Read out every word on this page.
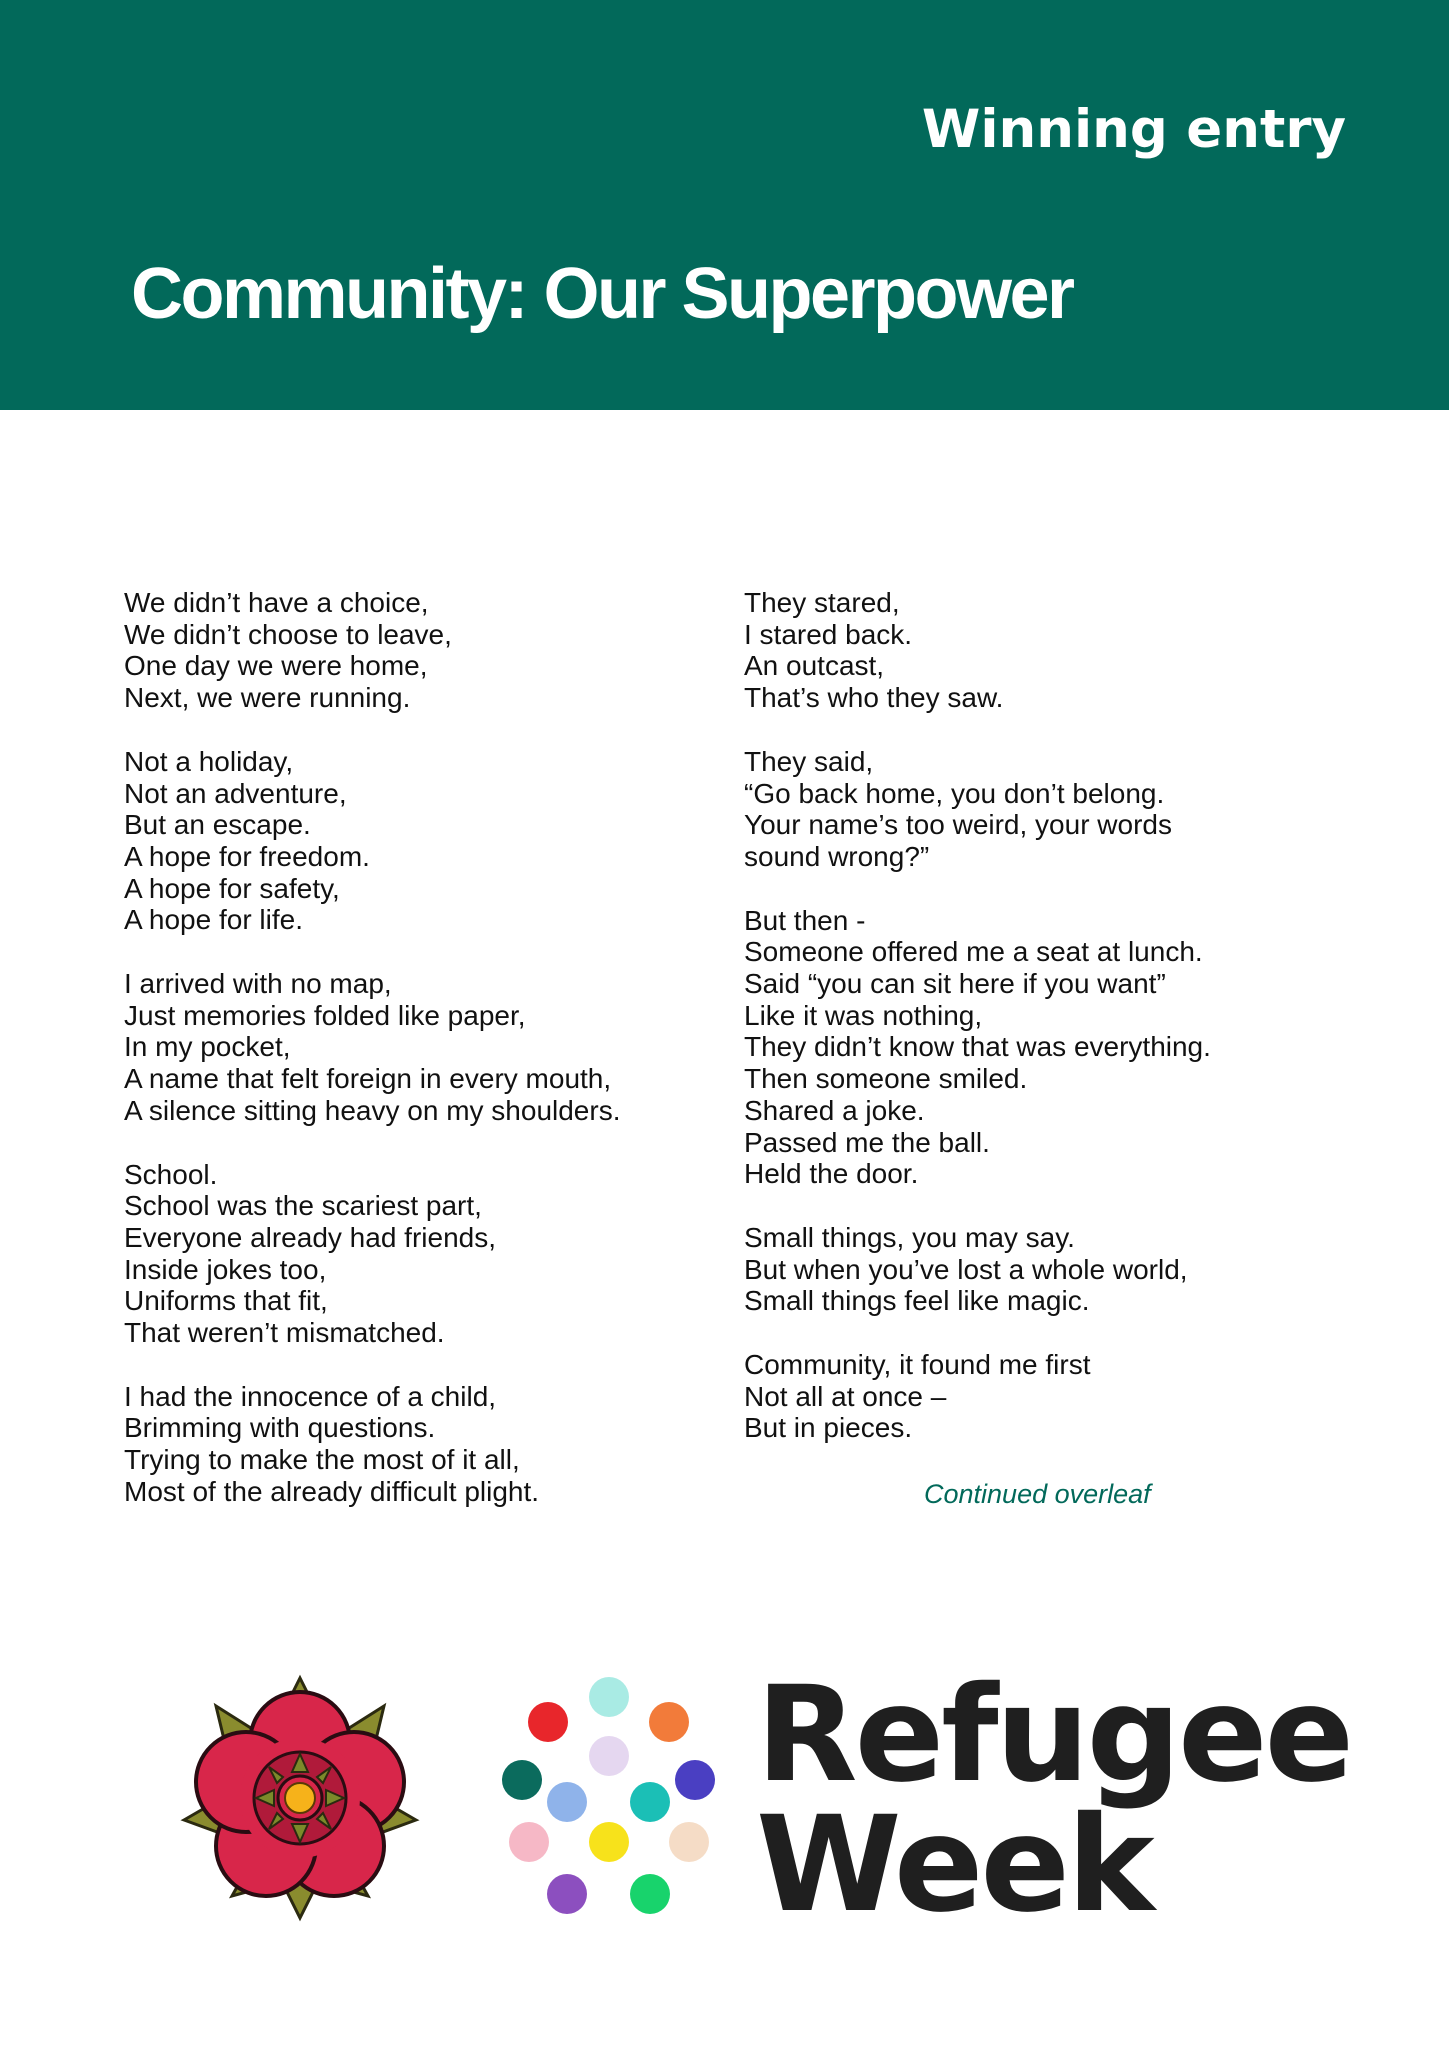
Winning entry
Community: Our Superpower
We didn’t have a choice,
We didn’t choose to leave,
One day we were home,
Next, we were running.
Not a holiday,
Not an adventure,
But an escape.
A hope for freedom.
A hope for safety,
A hope for life.
I arrived with no map,
Just memories folded like paper,
In my pocket,
A name that felt foreign in every mouth,
A silence sitting heavy on my shoulders.
School.
School was the scariest part,
Everyone already had friends,
Inside jokes too,
Uniforms that fit,
That weren’t mismatched.
I had the innocence of a child,
Brimming with questions.
Trying to make the most of it all,
Most of the already difficult plight.
They stared,
I stared back.
An outcast,
That’s who they saw.
They said,
“Go back home, you don’t belong.
Your name’s too weird, your words
sound wrong?”
But then -
Someone offered me a seat at lunch.
Said “you can sit here if you want”
Like it was nothing,
They didn’t know that was everything.
Then someone smiled.
Shared a joke.
Passed me the ball.
Held the door.
Small things, you may say.
But when you’ve lost a whole world,
Small things feel like magic.
Community, it found me first
Not all at once –
But in pieces.
Continued overleaf
Refugee
Week
